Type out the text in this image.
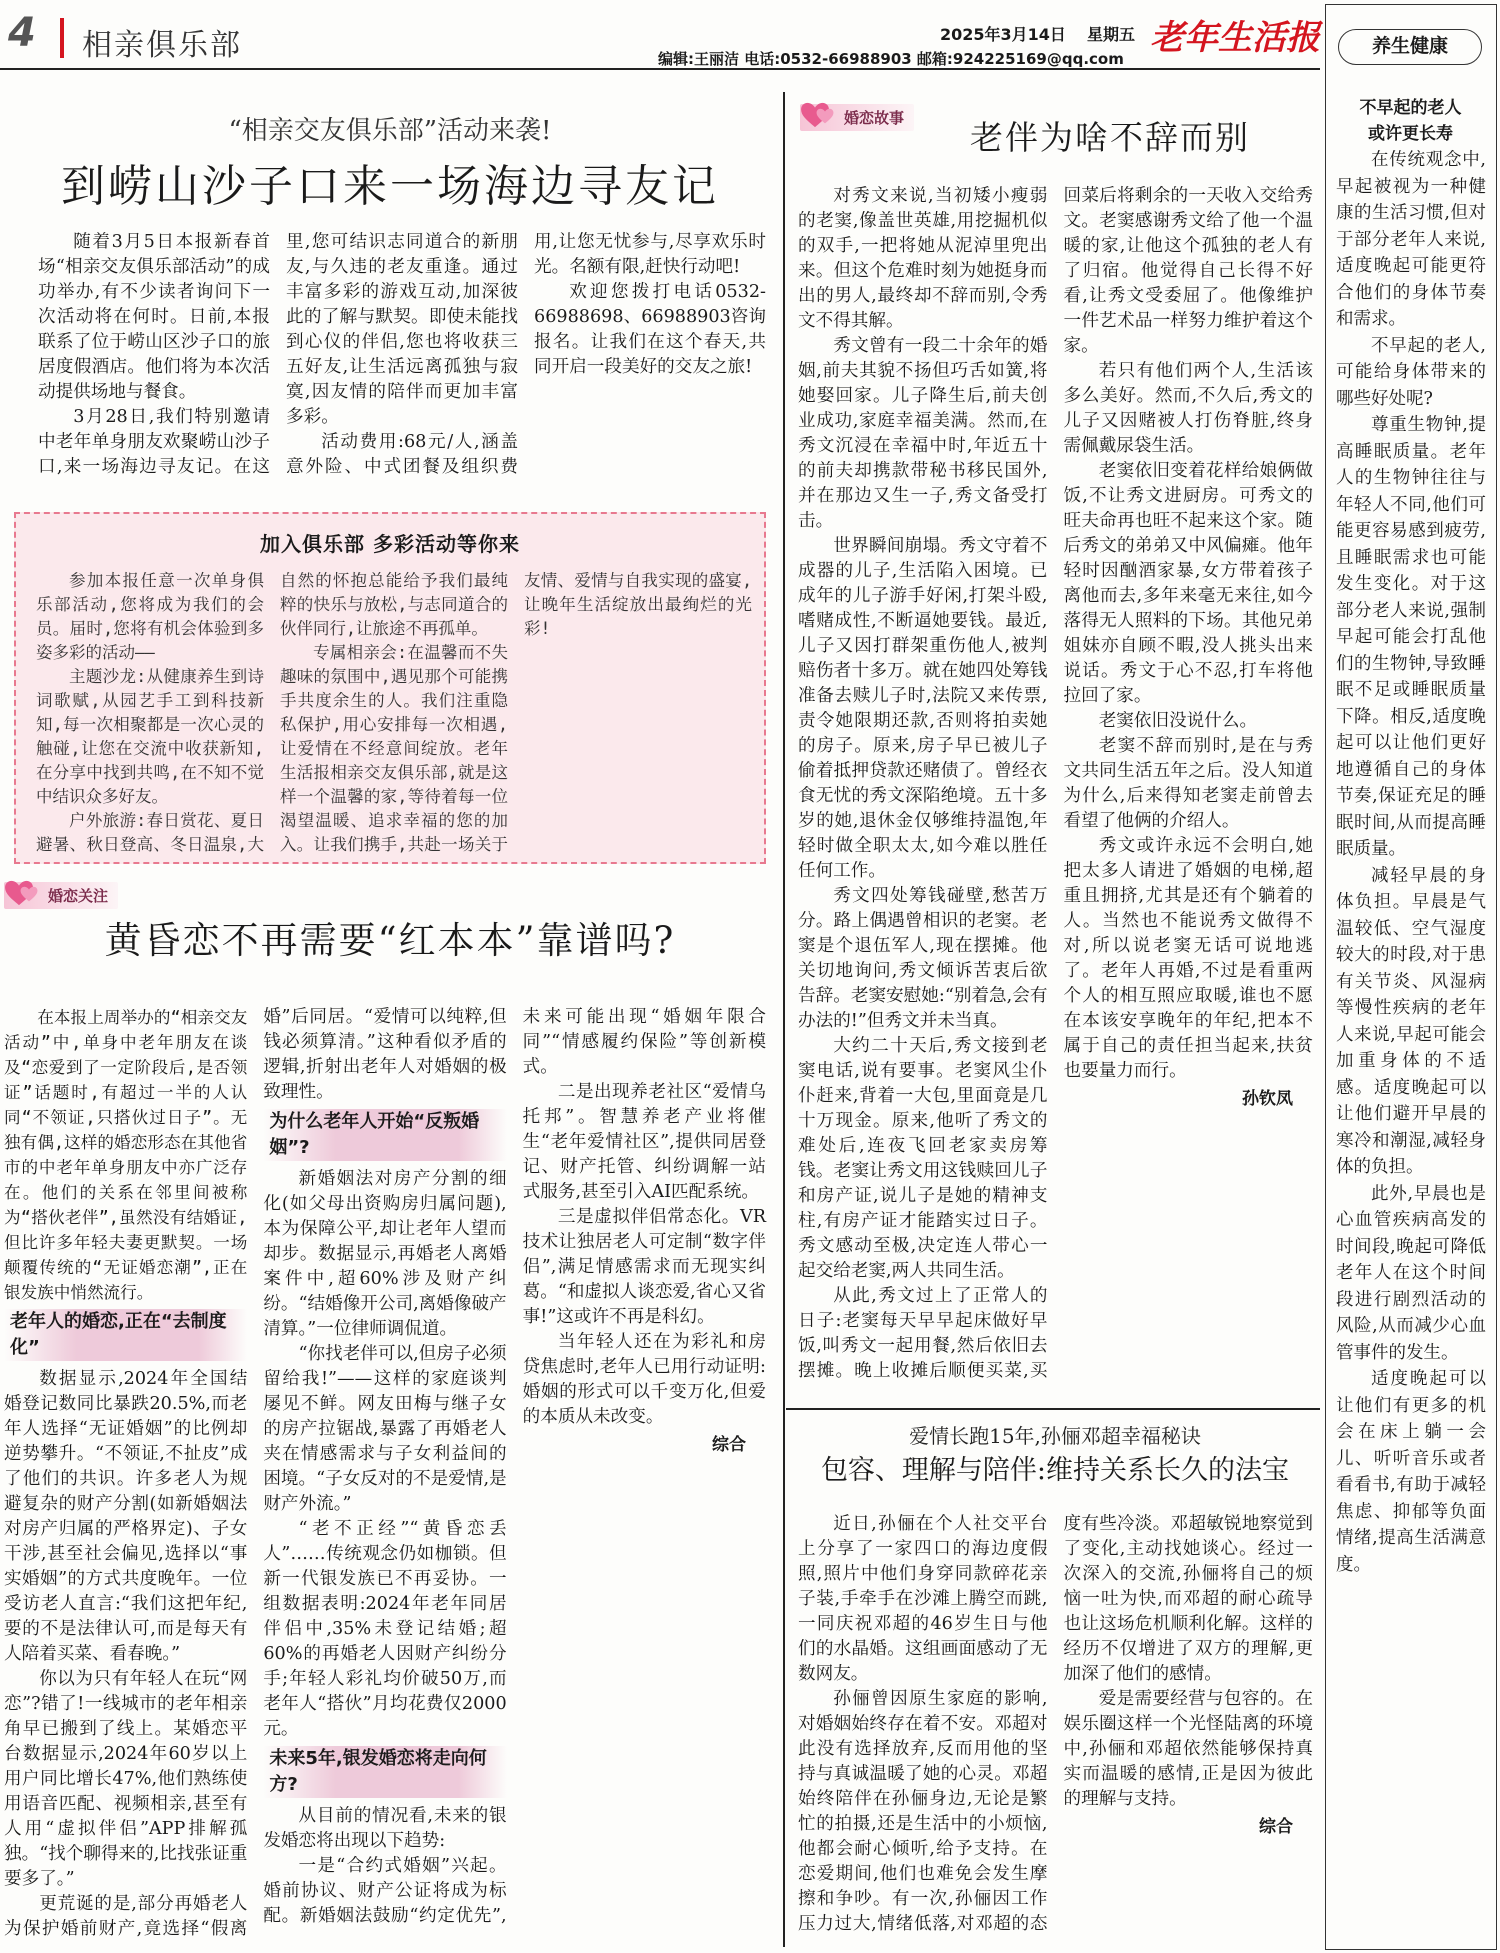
4 相亲俱乐部	2025年3月14日 星期五 老年生活报
编辑:王丽洁 电话:0532-66988903 邮箱:924225169@qq.com
养生健康
不早起的老人
或许更长寿

在传统观念中,早起被视为一种健康的生活习惯,但对于部分老年人来说,适度晚起可能更符合他们的身体节奏和需求。

不早起的老人,可能给身体带来的哪些好处呢?

尊重生物钟,提高睡眠质量。老年人的生物钟往往与年轻人不同,他们可能更容易感到疲劳,且睡眠需求也可能发生变化。对于这部分老人来说,强制早起可能会打乱他们的生物钟,导致睡眠不足或睡眠质量下降。相反,适度晚起可以让他们更好地遵循自己的身体节奏,保证充足的睡眠时间,从而提高睡眠质量。

减轻早晨的身体负担。早晨是气温较低、空气湿度较大的时段,对于患有关节炎、风湿病等慢性疾病的老年人来说,早起可能会加重身体的不适感。适度晚起可以让他们避开早晨的寒冷和潮湿,减轻身体的负担。

此外,早晨也是心血管疾病高发的时间段,晚起可降低老年人在这个时间段进行剧烈活动的风险,从而减少心血管事件的发生。

适度晚起可以让他们有更多的机会在床上躺一会儿、听听音乐或者看看书,有助于减轻焦虑、抑郁等负面情绪,提高生活满意度。

“相亲交友俱乐部”活动来袭!
到崂山沙子口来一场海边寻友记

随着3月5日本报新春首场“相亲交友俱乐部活动”的成功举办,有不少读者询问下一次活动将在何时。日前,本报联系了位于崂山区沙子口的旅居度假酒店。他们将为本次活动提供场地与餐食。

3月28日,我们特别邀请中老年单身朋友欢聚崂山沙子口,来一场海边寻友记。在这里,您可结识志同道合的新朋友,与久违的老友重逢。通过丰富多彩的游戏互动,加深彼此的了解与默契。即使未能找到心仪的伴侣,您也将收获三五好友,让生活远离孤独与寂寞,因友情的陪伴而更加丰富多彩。

活动费用:68元/人,涵盖意外险、中式团餐及组织费用,让您无忧参与,尽享欢乐时光。名额有限,赶快行动吧!

欢迎您拨打电话0532-66988698、66988903咨询报名。让我们在这个春天,共同开启一段美好的交友之旅!

加入俱乐部 多彩活动等你来

参加本报任意一次单身俱乐部活动,您将成为我们的会员。届时,您将有机会体验到多姿多彩的活动——

主题沙龙:从健康养生到诗词歌赋,从园艺手工到科技新知,每一次相聚都是一次心灵的触碰,让您在交流中收获新知,在分享中找到共鸣,在不知不觉中结识众多好友。

户外旅游:春日赏花、夏日避暑、秋日登高、冬日温泉,大自然的怀抱总能给予我们最纯粹的快乐与放松,与志同道合的伙伴同行,让旅途不再孤单。

专属相亲会:在温馨而不失趣味的氛围中,遇见那个可能携手共度余生的人。我们注重隐私保护,用心安排每一次相遇,让爱情在不经意间绽放。老年生活报相亲交友俱乐部,就是这样一个温馨的家,等待着每一位渴望温暖、追求幸福的您的加入。让我们携手,共赴一场关于友情、爱情与自我实现的盛宴,让晚年生活绽放出最绚烂的光彩!

婚恋关注
黄昏恋不再需要“红本本”靠谱吗?

在本报上周举办的“相亲交友活动”中,单身中老年朋友在谈及“恋爱到了一定阶段后,是否领证”话题时,有超过一半的人认同“不领证,只搭伙过日子”。无独有偶,这样的婚恋形态在其他省市的中老年单身朋友中亦广泛存在。他们的关系在邻里间被称为“搭伙老伴”,虽然没有结婚证,但比许多年轻夫妻更默契。一场颠覆传统的“无证婚恋潮”,正在银发族中悄然流行。

老年人的婚恋,正在“去制度化”

数据显示,2024年全国结婚登记数同比暴跌20.5%,而老年人选择“无证婚姻”的比例却逆势攀升。“不领证,不扯皮”成了他们的共识。许多老人为规避复杂的财产分割(如新婚姻法对房产归属的严格界定)、子女干涉,甚至社会偏见,选择以“事实婚姻”的方式共度晚年。一位受访老人直言:“我们这把年纪,要的不是法律认可,而是每天有人陪着买菜、看春晚。”

你以为只有年轻人在玩“网恋”?错了!一线城市的老年相亲角早已搬到了线上。某婚恋平台数据显示,2024年60岁以上用户同比增长47%,他们熟练使用语音匹配、视频相亲,甚至有人用“虚拟伴侣”APP排解孤独。“找个聊得来的,比找张证重要多了。”

更荒诞的是,部分再婚老人为保护婚前财产,竟选择“假离婚”后同居。“爱情可以纯粹,但钱必须算清。”这种看似矛盾的逻辑,折射出老年人对婚姻的极致理性。

为什么老年人开始“反叛婚姻”?

新婚姻法对房产分割的细化(如父母出资购房归属问题),本为保障公平,却让老年人望而却步。数据显示,再婚老人离婚案件中,超60%涉及财产纠纷。“结婚像开公司,离婚像破产清算。”一位律师调侃道。

“你找老伴可以,但房子必须留给我!”——这样的家庭谈判屡见不鲜。网友田梅与继子女的房产拉锯战,暴露了再婚老人夹在情感需求与子女利益间的困境。“子女反对的不是爱情,是财产外流。”

“老不正经”“黄昏恋丢人”……传统观念仍如枷锁。但新一代银发族已不再妥协。一组数据表明:2024年老年同居伴侣中,35%未登记结婚;超60%的再婚老人因财产纠纷分手;年轻人彩礼均价破50万,而老年人“搭伙”月均花费仅2000元。

未来5年,银发婚恋将走向何方?

从目前的情况看,未来的银发婚恋将出现以下趋势:

一是“合约式婚姻”兴起。婚前协议、财产公证将成为标配。新婚姻法鼓励“约定优先”,未来可能出现“婚姻年限合同”“情感履约保险”等创新模式。

二是出现养老社区“爱情乌托邦”。智慧养老产业将催生“老年爱情社区”,提供同居登记、财产托管、纠纷调解一站式服务,甚至引入AI匹配系统。

三是虚拟伴侣常态化。VR技术让独居老人可定制“数字伴侣”,满足情感需求而无现实纠葛。“和虚拟人谈恋爱,省心又省事!”这或许不再是科幻。

当年轻人还在为彩礼和房贷焦虑时,老年人已用行动证明:婚姻的形式可以千变万化,但爱的本质从未改变。

综合
婚恋故事	老伴为啥不辞而别

对秀文来说,当初矮小瘦弱的老窦,像盖世英雄,用挖掘机似的双手,一把将她从泥淖里兜出来。但这个危难时刻为她挺身而出的男人,最终却不辞而别,令秀文不得其解。

秀文曾有一段二十余年的婚姻,前夫其貌不扬但巧舌如簧,将她娶回家。儿子降生后,前夫创业成功,家庭幸福美满。然而,在秀文沉浸在幸福中时,年近五十的前夫却携款带秘书移民国外,并在那边又生一子,秀文备受打击。

世界瞬间崩塌。秀文守着不成器的儿子,生活陷入困境。已成年的儿子游手好闲,打架斗殴,嗜赌成性,不断逼她要钱。最近,儿子又因打群架重伤他人,被判赔伤者十多万。就在她四处筹钱准备去赎儿子时,法院又来传票,责令她限期还款,否则将拍卖她的房子。原来,房子早已被儿子偷着抵押贷款还赌债了。曾经衣食无忧的秀文深陷绝境。五十多岁的她,退休金仅够维持温饱,年轻时做全职太太,如今难以胜任任何工作。

秀文四处筹钱碰壁,愁苦万分。路上偶遇曾相识的老窦。老窦是个退伍军人,现在摆摊。他关切地询问,秀文倾诉苦衷后欲告辞。老窦安慰她:“别着急,会有办法的!”但秀文并未当真。

大约二十天后,秀文接到老窦电话,说有要事。老窦风尘仆仆赶来,背着一大包,里面竟是几十万现金。原来,他听了秀文的难处后,连夜飞回老家卖房筹钱。老窦让秀文用这钱赎回儿子和房产证,说儿子是她的精神支柱,有房产证才能踏实过日子。秀文感动至极,决定连人带心一起交给老窦,两人共同生活。

从此,秀文过上了正常人的日子:老窦每天早早起床做好早饭,叫秀文一起用餐,然后依旧去摆摊。晚上收摊后顺便买菜,买回菜后将剩余的一天收入交给秀文。老窦感谢秀文给了他一个温暖的家,让他这个孤独的老人有了归宿。他觉得自己长得不好看,让秀文受委屈了。他像维护一件艺术品一样努力维护着这个家。

若只有他们两个人,生活该多么美好。然而,不久后,秀文的儿子又因赌被人打伤脊脏,终身需佩戴尿袋生活。

老窦依旧变着花样给娘俩做饭,不让秀文进厨房。可秀文的旺夫命再也旺不起来这个家。随后秀文的弟弟又中风偏瘫。他年轻时因酗酒家暴,女方带着孩子离他而去,多年来毫无来往,如今落得无人照料的下场。其他兄弟姐妹亦自顾不暇,没人挑头出来说话。秀文于心不忍,打车将他拉回了家。

老窦依旧没说什么。

老窦不辞而别时,是在与秀文共同生活五年之后。没人知道为什么,后来得知老窦走前曾去看望了他俩的介绍人。

秀文或许永远不会明白,她把太多人请进了婚姻的电梯,超重且拥挤,尤其是还有个躺着的人。当然也不能说秀文做得不对,所以说老窦无话可说地逃了。老年人再婚,不过是看重两个人的相互照应取暖,谁也不愿在本该安享晚年的年纪,把本不属于自己的责任担当起来,扶贫也要量力而行。

孙钦凤
爱情长跑15年,孙俪邓超幸福秘诀
包容、理解与陪伴:维持关系长久的法宝

近日,孙俪在个人社交平台上分享了一家四口的海边度假照,照片中他们身穿同款碎花亲子装,手牵手在沙滩上腾空而跳,一同庆祝邓超的46岁生日与他们的水晶婚。这组画面感动了无数网友。

孙俪曾因原生家庭的影响,对婚姻始终存在着不安。邓超对此没有选择放弃,反而用他的坚持与真诚温暖了她的心灵。邓超始终陪伴在孙俪身边,无论是繁忙的拍摄,还是生活中的小烦恼,他都会耐心倾听,给予支持。在恋爱期间,他们也难免会发生摩擦和争吵。有一次,孙俪因工作压力过大,情绪低落,对邓超的态度有些冷淡。邓超敏锐地察觉到了变化,主动找她谈心。经过一次深入的交流,孙俪将自己的烦恼一吐为快,而邓超的耐心疏导也让这场危机顺利化解。这样的经历不仅增进了双方的理解,更加深了他们的感情。

爱是需要经营与包容的。在娱乐圈这样一个光怪陆离的环境中,孙俪和邓超依然能够保持真实而温暖的感情,正是因为彼此的理解与支持。

综合
